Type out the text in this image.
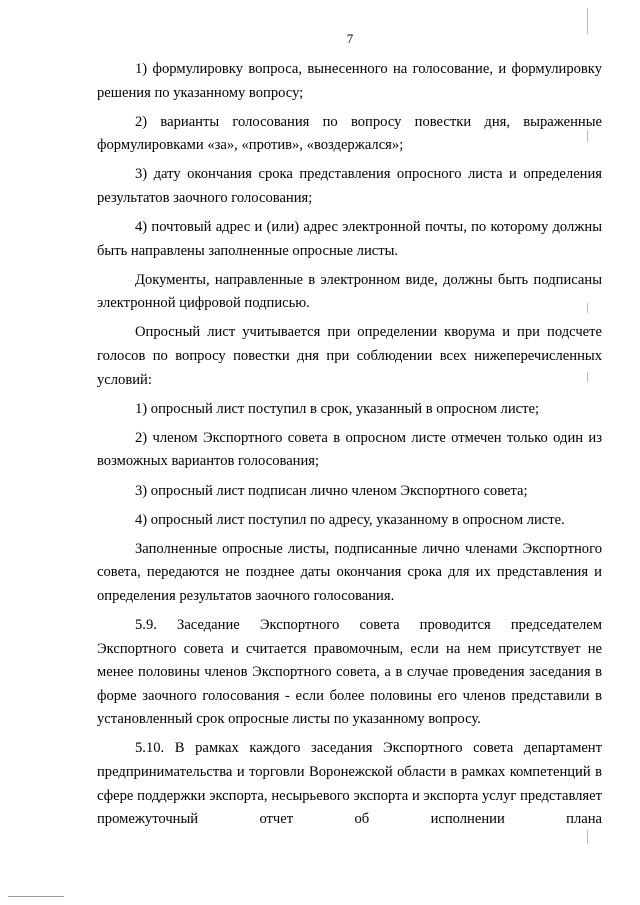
7

1) формулировку вопроса, вынесенного на голосование, и формулировку решения по указанному вопросу;

2) варианты голосования по вопросу повестки дня, выраженные формулировками «за», «против», «воздержался»;

3) дату окончания срока представления опросного листа и определения результатов заочного голосования;

4) почтовый адрес и (или) адрес электронной почты, по которому должны быть направлены заполненные опросные листы.

Документы, направленные в электронном виде, должны быть подписаны электронной цифровой подписью.

Опросный лист учитывается при определении кворума и при подсчете голосов по вопросу повестки дня при соблюдении всех нижеперечисленных условий:

1) опросный лист поступил в срок, указанный в опросном листе;

2) членом Экспортного совета в опросном листе отмечен только один из возможных вариантов голосования;

3) опросный лист подписан лично членом Экспортного совета;

4) опросный лист поступил по адресу, указанному в опросном листе.

Заполненные опросные листы, подписанные лично членами Экспортного совета, передаются не позднее даты окончания срока для их представления и определения результатов заочного голосования.

5.9. Заседание Экспортного совета проводится председателем Экспортного совета и считается правомочным, если на нем присутствует не менее половины членов Экспортного совета, а в случае проведения заседания в форме заочного голосования - если более половины его членов представили в установленный срок опросные листы по указанному вопросу.

5.10. В рамках каждого заседания Экспортного совета департамент предпринимательства и торговли Воронежской области в рамках компетенций в сфере поддержки экспорта, несырьевого экспорта и экспорта услуг представляет промежуточный отчет об исполнении плана
